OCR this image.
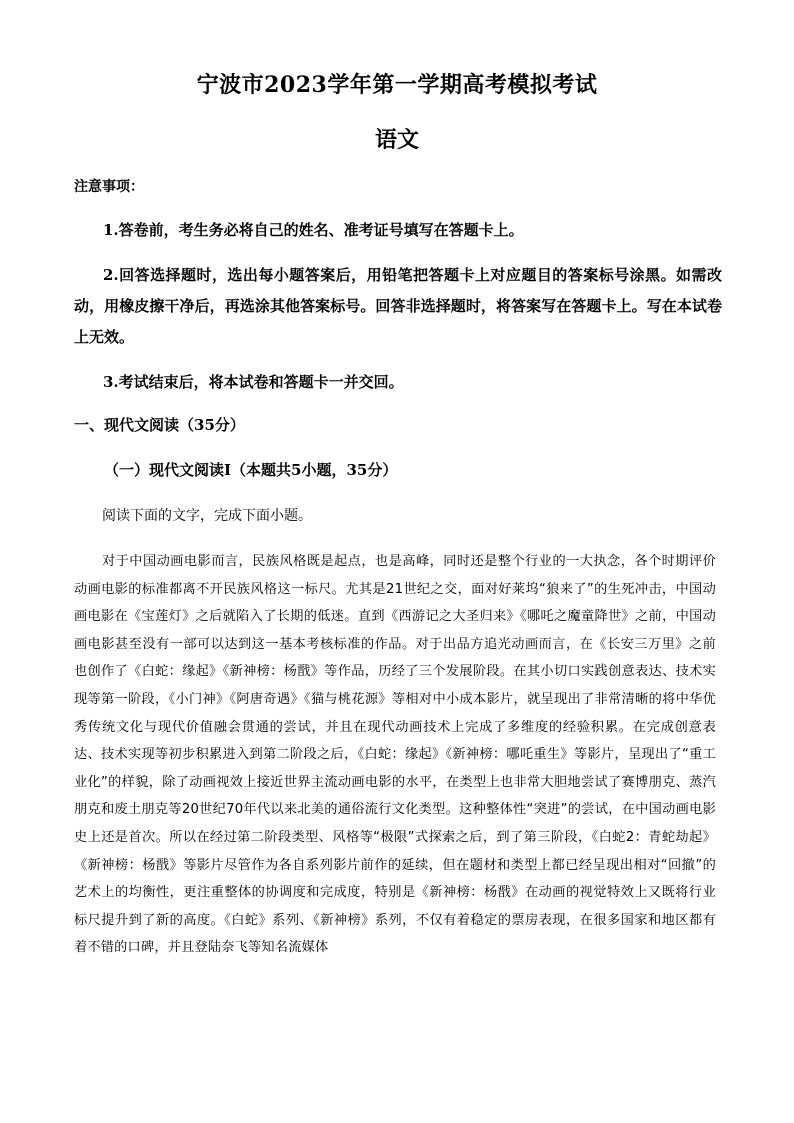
宁波市2023学年第一学期高考模拟考试
语文
注意事项：
1.答卷前，考生务必将自己的姓名、准考证号填写在答题卡上。
2.回答选择题时，选出每小题答案后，用铅笔把答题卡上对应题目的答案标号涂黑。如需改动，用橡皮擦干净后，再选涂其他答案标号。回答非选择题时，将答案写在答题卡上。写在本试卷上无效。
3.考试结束后，将本试卷和答题卡一并交回。
一、现代文阅读（35分）
（一）现代文阅读Ⅰ（本题共5小题，35分）
阅读下面的文字，完成下面小题。
对于中国动画电影而言，民族风格既是起点，也是高峰，同时还是整个行业的一大执念，各个时期评价动画电影的标准都离不开民族风格这一标尺。尤其是21世纪之交，面对好莱坞“狼来了”的生死冲击，中国动画电影在《宝莲灯》之后就陷入了长期的低迷。直到《西游记之大圣归来》《哪吒之魔童降世》之前，中国动画电影甚至没有一部可以达到这一基本考核标准的作品。对于出品方追光动画而言，在《长安三万里》之前也创作了《白蛇：缘起》《新神榜：杨戬》等作品，历经了三个发展阶段。在其小切口实践创意表达、技术实现等第一阶段，《小门神》《阿唐奇遇》《猫与桃花源》等相对中小成本影片，就呈现出了非常清晰的将中华优秀传统文化与现代价值融会贯通的尝试，并且在现代动画技术上完成了多维度的经验积累。在完成创意表达、技术实现等初步积累进入到第二阶段之后，《白蛇：缘起》《新神榜：哪吒重生》等影片，呈现出了“重工业化”的样貌，除了动画视效上接近世界主流动画电影的水平，在类型上也非常大胆地尝试了赛博朋克、蒸汽朋克和废土朋克等20世纪70年代以来北美的通俗流行文化类型。这种整体性“突进”的尝试，在中国动画电影史上还是首次。所以在经过第二阶段类型、风格等“极限”式探索之后，到了第三阶段，《白蛇2：青蛇劫起》《新神榜：杨戬》等影片尽管作为各自系列影片前作的延续，但在题材和类型上都已经呈现出相对“回撤”的艺术上的均衡性，更注重整体的协调度和完成度，特别是《新神榜：杨戬》在动画的视觉特效上又既将行业标尺提升到了新的高度。《白蛇》系列、《新神榜》系列，不仅有着稳定的票房表现，在很多国家和地区都有着不错的口碑，并且登陆奈飞等知名流媒体
